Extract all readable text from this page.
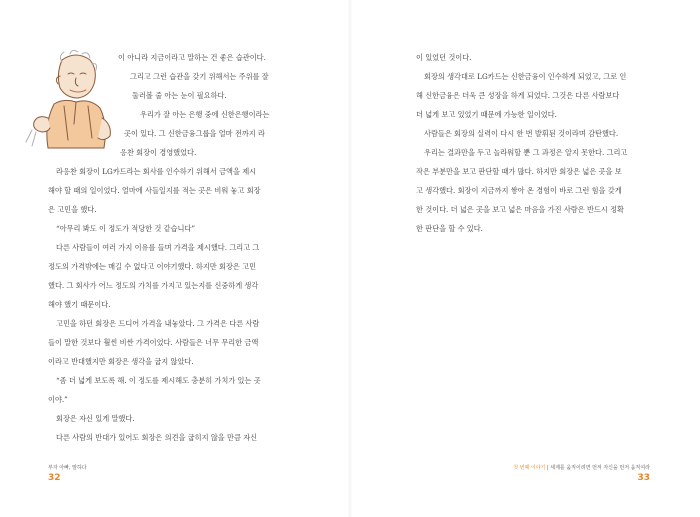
이 아니라 지금이라고 말하는 건 좋은 습관이다.

그리고 그런 습관을 갖기 위해서는 주위를 잘

둘러볼 줄 아는 눈이 필요하다.

우리가 잘 아는 은행 중에 신한은행이라는

곳이 있다. 그 신한금융그룹을 얼마 전까지 라

응찬 회장이 경영했었다.

라응찬 회장이 LG카드라는 회사를 인수하기 위해서 금액을 제시

해야 할 때의 일이었다. 얼마에 사들일지를 적는 곳은 비워 놓고 회장

은 고민을 했다.

“아무리 봐도 이 정도가 적당한 것 같습니다”

다른 사람들이 여러 가지 이유를 들며 가격을 제시했다. 그리고 그

정도의 가격밖에는 매길 수 없다고 이야기했다. 하지만 회장은 고민

했다. 그 회사가 어느 정도의 가치를 가지고 있는지를 신중하게 생각

해야 했기 때문이다.

고민을 하던 회장은 드디어 가격을 내놓았다. 그 가격은 다른 사람

들이 말한 것보다 훨씬 비싼 가격이었다. 사람들은 너무 무리한 금액

이라고 반대했지만 회장은 생각을 굽지 않았다.

“좀 더 넓게 보도록 해. 이 정도를 제시해도 충분히 가치가 있는 곳

이야.”

회장은 자신 있게 말했다.

다른 사람의 반대가 있어도 회장은 의견을 굽히지 않을 만큼 자신

부자 아빠, 말하다
32

이 있었던 것이다.

회장의 생각대로 LG카드는 신한금융이 인수하게 되었고, 그로 인

해 신한금융은 더욱 큰 성장을 하게 되었다. 그것은 다른 사람보다

더 넓게 보고 있었기 때문에 가능한 일이었다.

사람들은 회장의 실력이 다시 한 번 발휘된 것이라며 감탄했다.

우리는 결과만을 두고 놀라워할 뿐 그 과정은 알지 못한다. 그리고

작은 부분만을 보고 판단할 때가 많다. 하지만 회장은 넓은 곳을 보

고 생각했다. 회장이 지금까지 쌓아 온 경험이 바로 그런 힘을 갖게

한 것이다. 더 넓은 곳을 보고 넓은 마음을 가진 사람은 반드시 정확

한 판단을 할 수 있다.

첫 번째 이야기 | 세계를 움직이려면 먼저 자신을 먼저 움직여라
33
